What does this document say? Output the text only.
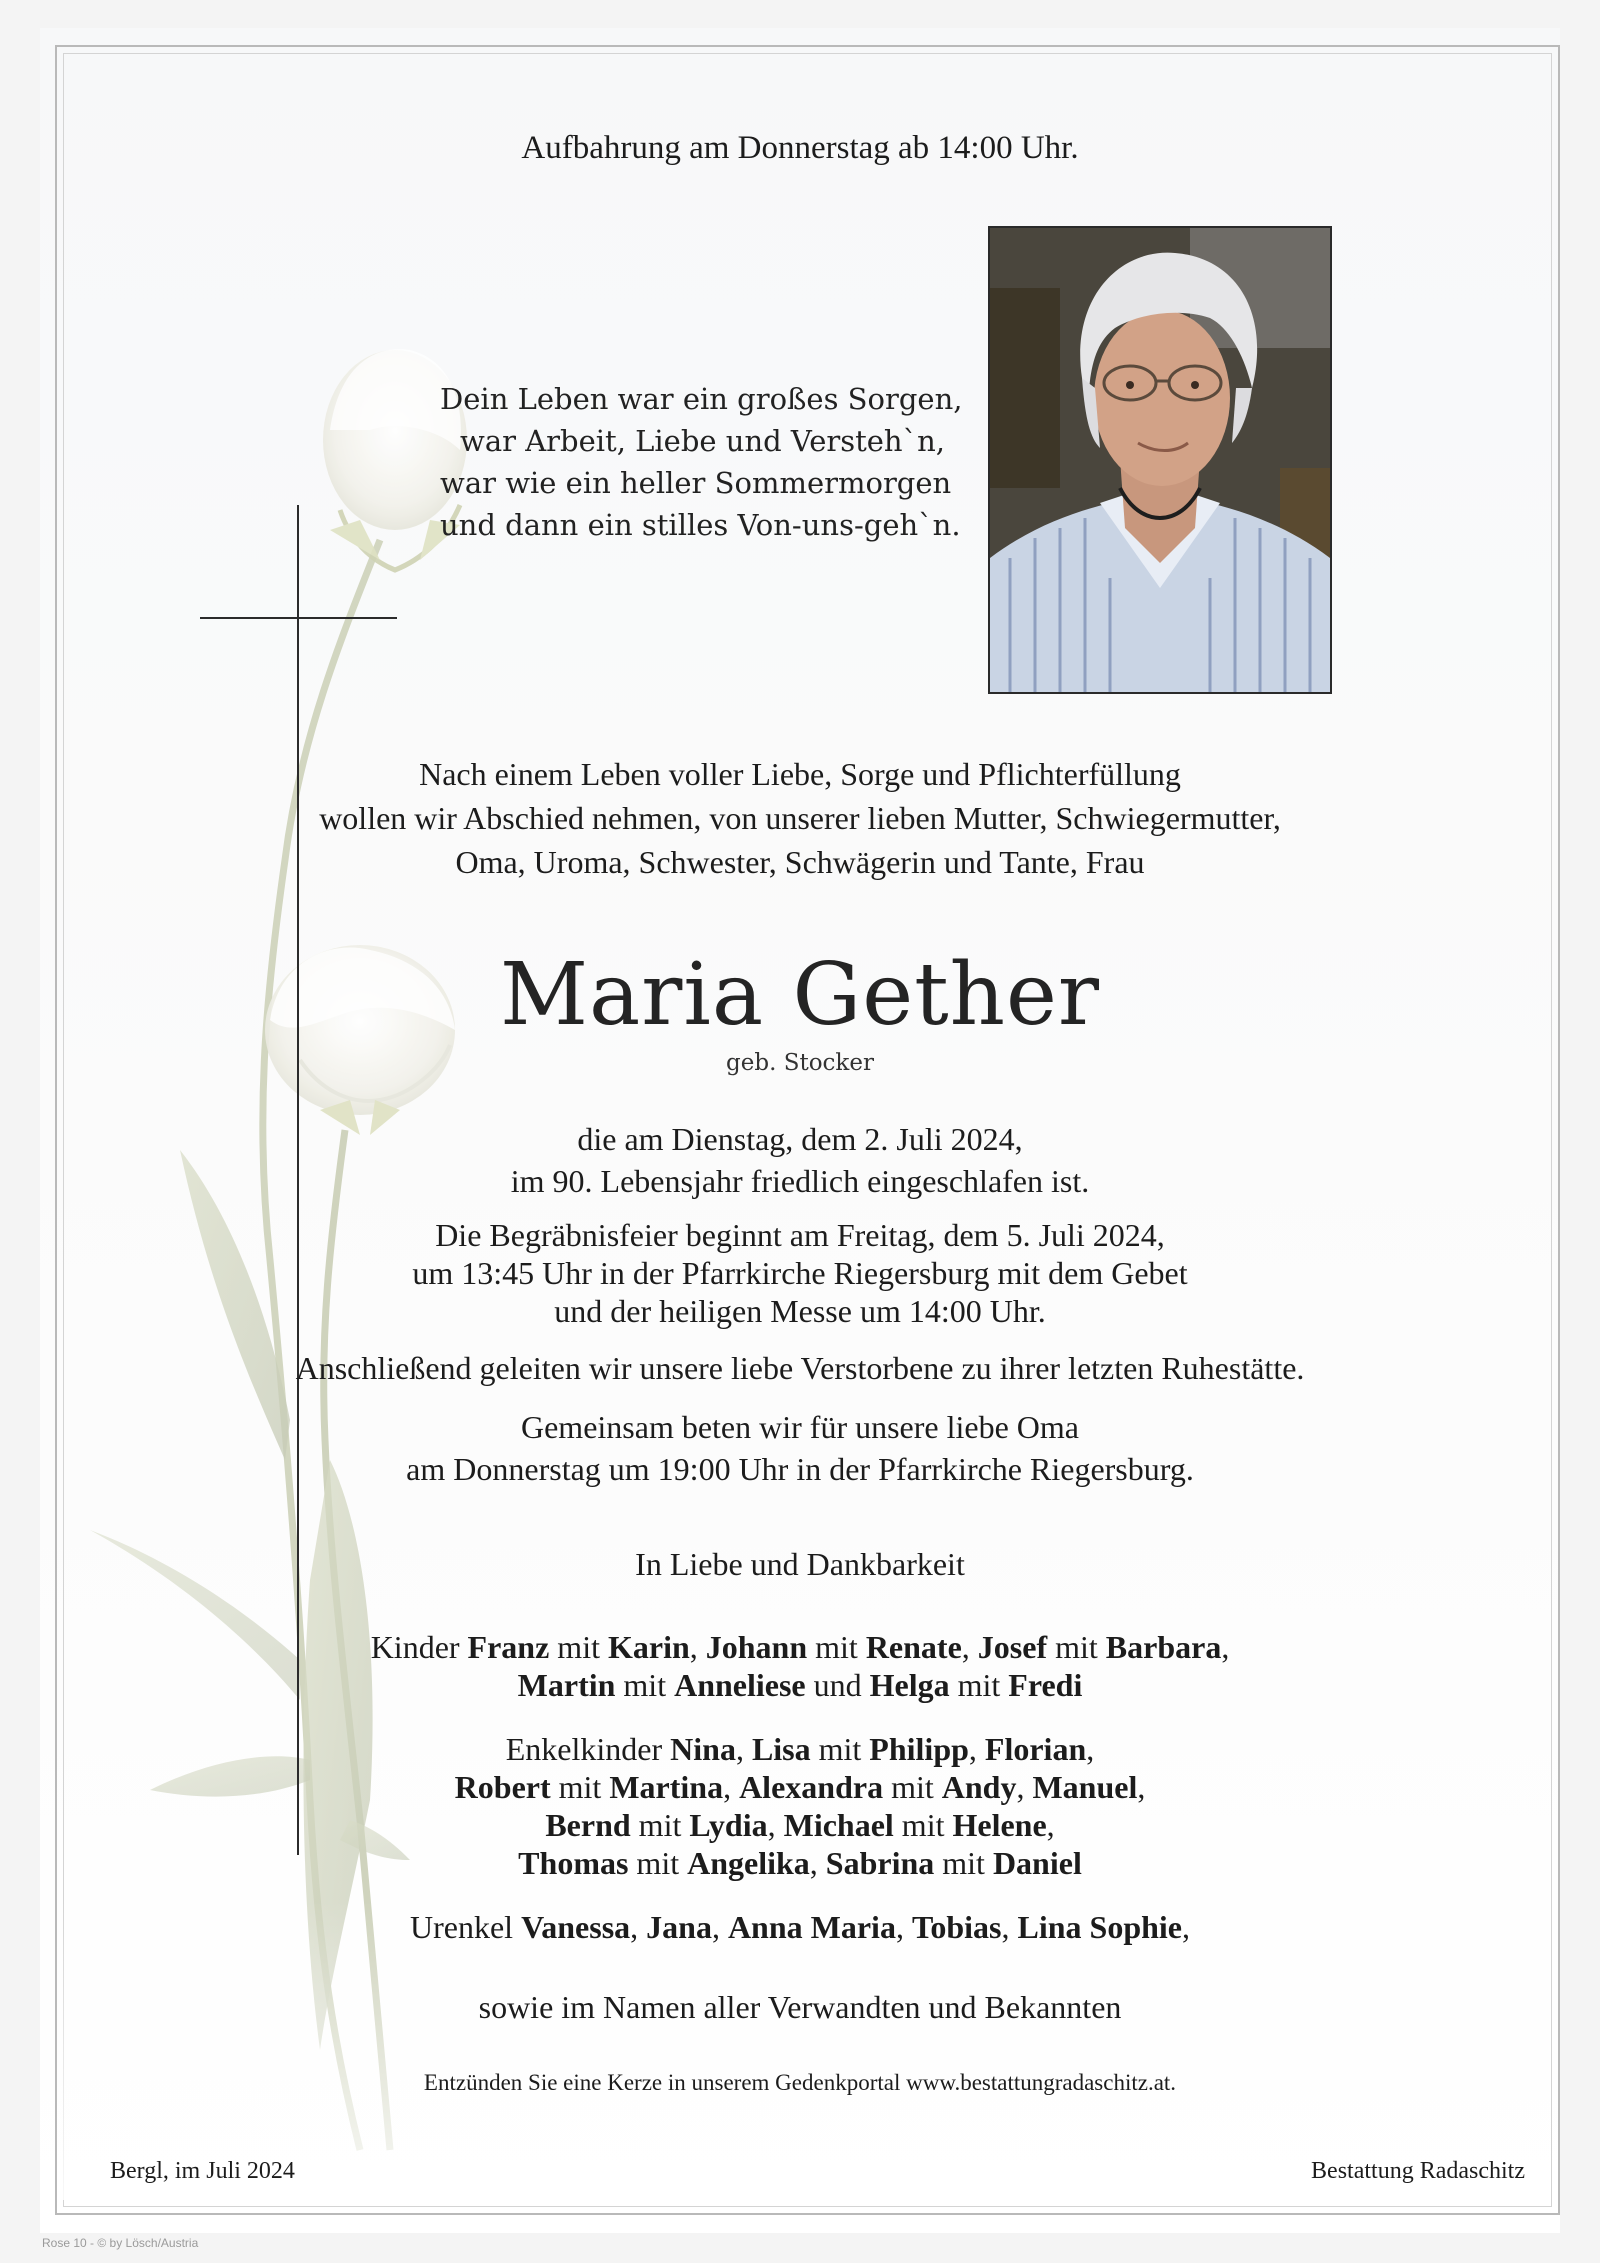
Aufbahrung am Donnerstag ab 14:00 Uhr.
Dein Leben war ein großes Sorgen,
war Arbeit, Liebe und Versteh`n,
war wie ein heller Sommermorgen
und dann ein stilles Von-uns-geh`n.
Nach einem Leben voller Liebe, Sorge und Pflichterfüllung
wollen wir Abschied nehmen, von unserer lieben Mutter, Schwiegermutter,
Oma, Uroma, Schwester, Schwägerin und Tante, Frau
Maria Gether
geb. Stocker
die am Dienstag, dem 2. Juli 2024,
im 90. Lebensjahr friedlich eingeschlafen ist.
Die Begräbnisfeier beginnt am Freitag, dem 5. Juli 2024,
um 13:45 Uhr in der Pfarrkirche Riegersburg mit dem Gebet
und der heiligen Messe um 14:00 Uhr.
Anschließend geleiten wir unsere liebe Verstorbene zu ihrer letzten Ruhestätte.
Gemeinsam beten wir für unsere liebe Oma
am Donnerstag um 19:00 Uhr in der Pfarrkirche Riegersburg.
In Liebe und Dankbarkeit
Kinder Franz mit Karin, Johann mit Renate, Josef mit Barbara,
Martin mit Anneliese und Helga mit Fredi
Enkelkinder Nina, Lisa mit Philipp, Florian,
Robert mit Martina, Alexandra mit Andy, Manuel,
Bernd mit Lydia, Michael mit Helene,
Thomas mit Angelika, Sabrina mit Daniel
Urenkel Vanessa, Jana, Anna Maria, Tobias, Lina Sophie,
sowie im Namen aller Verwandten und Bekannten
Entzünden Sie eine Kerze in unserem Gedenkportal www.bestattungradaschitz.at.
Bergl, im Juli 2024	Bestattung Radaschitz
Rose 10 - © by Lösch/Austria
